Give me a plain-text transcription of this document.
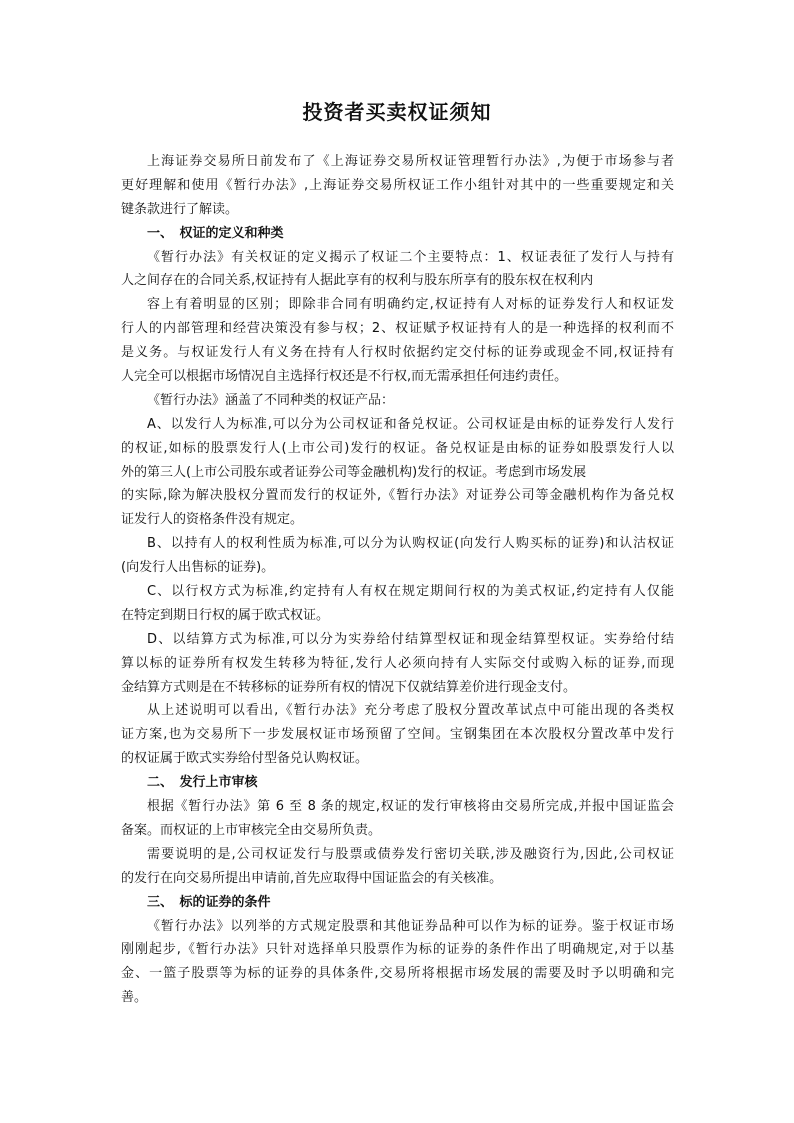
投资者买卖权证须知
上海证券交易所日前发布了《上海证券交易所权证管理暂行办法》,为便于市场参与者
更好理解和使用《暂行办法》,上海证券交易所权证工作小组针对其中的一些重要规定和关
键条款进行了解读。
一、　权证的定义和种类
《暂行办法》有关权证的定义揭示了权证二个主要特点：1、权证表征了发行人与持有
人之间存在的合同关系,权证持有人据此享有的权利与股东所享有的股东权在权利内
容上有着明显的区别；即除非合同有明确约定,权证持有人对标的证券发行人和权证发
行人的内部管理和经营决策没有参与权；2、权证赋予权证持有人的是一种选择的权利而不
是义务。与权证发行人有义务在持有人行权时依据约定交付标的证券或现金不同,权证持有
人完全可以根据市场情况自主选择行权还是不行权,而无需承担任何违约责任。
《暂行办法》涵盖了不同种类的权证产品：
A、以发行人为标准,可以分为公司权证和备兑权证。公司权证是由标的证券发行人发行
的权证,如标的股票发行人(上市公司)发行的权证。备兑权证是由标的证券如股票发行人以
外的第三人(上市公司股东或者证券公司等金融机构)发行的权证。考虑到市场发展
的实际,除为解决股权分置而发行的权证外,《暂行办法》对证券公司等金融机构作为备兑权
证发行人的资格条件没有规定。
B、以持有人的权利性质为标准,可以分为认购权证(向发行人购买标的证券)和认沽权证
(向发行人出售标的证券)。
C、以行权方式为标准,约定持有人有权在规定期间行权的为美式权证,约定持有人仅能
在特定到期日行权的属于欧式权证。
D、以结算方式为标准,可以分为实券给付结算型权证和现金结算型权证。实券给付结
算以标的证券所有权发生转移为特征,发行人必须向持有人实际交付或购入标的证券,而现
金结算方式则是在不转移标的证券所有权的情况下仅就结算差价进行现金支付。
从上述说明可以看出,《暂行办法》充分考虑了股权分置改革试点中可能出现的各类权
证方案,也为交易所下一步发展权证市场预留了空间。宝钢集团在本次股权分置改革中发行
的权证属于欧式实券给付型备兑认购权证。
二、　发行上市审核
根据《暂行办法》第 6 至 8 条的规定,权证的发行审核将由交易所完成,并报中国证监会
备案。而权证的上市审核完全由交易所负责。
需要说明的是,公司权证发行与股票或债券发行密切关联,涉及融资行为,因此,公司权证
的发行在向交易所提出申请前,首先应取得中国证监会的有关核准。
三、　标的证券的条件
《暂行办法》以列举的方式规定股票和其他证券品种可以作为标的证券。鉴于权证市场
刚刚起步,《暂行办法》只针对选择单只股票作为标的证券的条件作出了明确规定,对于以基
金、一篮子股票等为标的证券的具体条件,交易所将根据市场发展的需要及时予以明确和完
善。
